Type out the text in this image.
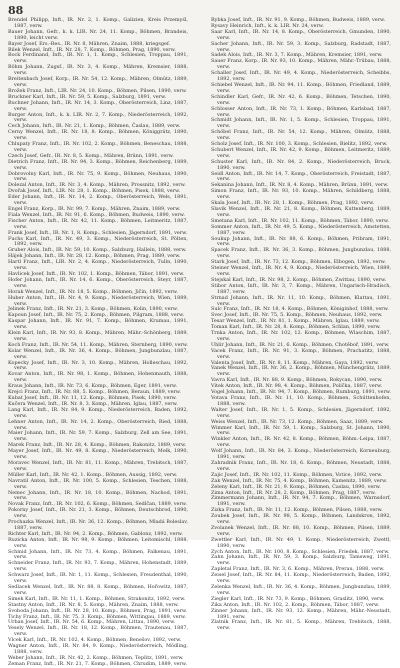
88

Brendel Philipp, Inft., IR. Nr. 2, 1. Komp., Galizien, Kreis Przemyśl, 1887, verw.

Bauer Johann, Gefr., k. k. LIR. Nr. 24, 11. Komp., Böhmen, Brandeis, 1890, leicht verw.

Bayer Josef, Ers.-Res., IR. Nr. 8, Mähren, Znaim, 1888, kriegsgef.

Bilek Wenzel, Inft., IR. Nr. 28, 7. Komp., Böhmen, Prag, 1890, verw.

Bock Ferdinand, Inft., IR. Nr. 1, 1. Komp., Schlesien, Troppau, 1891, verw.

Böhm Johann, Zugsf., IR. Nr. 3, 4. Komp., Mähren, Kremsier, 1888, verw.

Breitenbach Josef, Korp., IR. Nr. 54, 12. Komp., Mähren, Olmütz, 1889, verw.

Brožek Franz, Inft., LIR. Nr. 24, 10. Komp., Böhmen, Pilsen, 1890, verw.

Bruckner Karl, Inft., IR. Nr. 59, 5. Komp., Salzburg, 1891, verw.

Buchner Johann, Inft., IR. Nr. 14, 3. Komp., Oberösterreich, Linz, 1887, verw.

Burger Anton, Inft., k. k. LIR. Nr. 2, 7. Komp., Niederösterreich, 1892, verw.

Cech Johann, Inft., IR. Nr. 21, 1. Komp., Böhmen, Časlau, 1889, verw.

Cerny Wenzel, Inft., IR. Nr. 18, 8. Komp., Böhmen, Königgrätz, 1890, verw.

Chlupaty Franz, Inft., IR. Nr. 102, 2. Komp., Böhmen, Beneschau, 1888, verw.

Czech Josef, Gefr., IR. Nr. 8, 5. Komp., Mähren, Brünn, 1891, verw.

Dietrich Franz, Inft., IR. Nr. 94, 3. Komp., Böhmen, Reichenberg, 1889, verw.

Dobrovolny Karl, Inft., IR. Nr. 75, 9. Komp., Böhmen, Neuhaus, 1890, verw.

Dolezal Anton, Inft., IR. Nr. 3, 4. Komp., Mähren, Prossnitz, 1892, verw.

Dvořak Josef, Inft., LIR. Nr. 28, 1. Komp., Böhmen, Pisek, 1888, verw.

Eder Johann, Inft., IR. Nr. 14, 2. Komp., Oberösterreich, Wels, 1891, verw.

Engel Franz, Korp., IR. Nr. 99, 7. Komp., Mähren, Znaim, 1889, verw.

Fiala Wenzel, Inft., IR. Nr. 91, 6. Komp., Böhmen, Budweis, 1890, verw.

Fischer Anton, Inft., IR. Nr. 42, 11. Komp., Böhmen, Leitmeritz, 1887, verw.

Frank Josef, Inft., IR. Nr. 1, 8. Komp., Schlesien, Jägerndorf, 1891, verw.

Fuchs Karl, Inft., IR. Nr. 49, 3. Komp., Niederösterreich, St. Pölten, 1892, verw.

Gruber Alois, Inft., IR. Nr. 59, 10. Komp., Salzburg, Hallein, 1888, verw.

Hájek Johann, Inft., IR. Nr. 28, 12. Komp., Böhmen, Prag, 1889, verw.

Hartl Franz, Inft., LIR. Nr. 2, 4. Komp., Niederösterreich, Tulln, 1890, verw.

Havlicek Josef, Inft., IR. Nr. 102, 1. Komp., Böhmen, Tábor, 1891, verw.

Hofer Johann, Inft., IR. Nr. 14, 6. Komp., Oberösterreich, Steyr, 1887, verw.

Horak Wenzel, Inft., IR. Nr. 18, 5. Komp., Böhmen, Jičín, 1892, verw.

Huber Anton, Inft., IR. Nr. 4, 9. Komp., Niederösterreich, Wien, 1889, verw.

Jelinek Franz, Inft., IR. Nr. 21, 3. Komp., Böhmen, Kolin, 1890, verw.

Kapoun Josef, Inft., IR. Nr. 75, 2. Komp., Böhmen, Pilgram, 1888, verw.

Kaspar Johann, Inft., IR. Nr. 91, 7. Komp., Böhmen, Krumau, 1891, verw.

Klein Karl, Inft., IR. Nr. 93, 8. Komp., Mähren, Mähr.-Schönberg, 1889, verw.

Koch Franz, Inft., IR. Nr. 54, 11. Komp., Mähren, Sternberg, 1890, verw.

Kolar Wenzel, Inft., IR. Nr. 36, 4. Komp., Böhmen, Jungbunzlau, 1887, verw.

Kopecky Josef, Inft., IR. Nr. 3, 10. Komp., Mähren, Holleschau, 1892, verw.

Kovar Anton, Inft., IR. Nr. 98, 1. Komp., Böhmen, Hohenmauth, 1888, verw.

Kraus Johann, Inft., IR. Nr. 73, 6. Komp., Böhmen, Eger, 1891, verw.

Krejci Franz, Inft., IR. Nr. 88, 5. Komp., Böhmen, Beraun, 1889, verw.

Kubat Josef, Inft., IR. Nr. 11, 12. Komp., Böhmen, Pisek, 1890, verw.

Kučera Wenzel, Inft., IR. Nr. 8, 3. Komp., Mähren, Iglau, 1887, verw.

Lang Karl, Inft., IR. Nr. 84, 9. Komp., Niederösterreich, Baden, 1892, verw.

Lehner Anton, Inft., IR. Nr. 14, 2. Komp., Oberösterreich, Ried, 1888, verw.

Maier Johann, Inft., IR. Nr. 59, 7. Komp., Salzburg, Zell am See, 1891, verw.

Marek Franz, Inft., IR. Nr. 28, 4. Komp., Böhmen, Rakonitz, 1889, verw.

Mayer Josef, Inft., IR. Nr. 49, 8. Komp., Niederösterreich, Melk, 1890, verw.

Moravec Wenzel, Inft., IR. Nr. 81, 11. Komp., Mähren, Trebitsch, 1887, verw.

Müller Karl, Inft., IR. Nr. 42, 1. Komp., Böhmen, Aussig, 1892, verw.

Navratil Anton, Inft., IR. Nr. 100, 5. Komp., Schlesien, Teschen, 1888, verw.

Nemec Johann, Inft., IR. Nr. 18, 10. Komp., Böhmen, Nachod, 1891, verw.

Novak Franz, Inft., IR. Nr. 102, 6. Komp., Böhmen, Sedlčan, 1889, verw.

Pokorny Josef, Inft., IR. Nr. 21, 3. Komp., Böhmen, Deutschbrod, 1890, verw.

Prochazka Wenzel, Inft., IR. Nr. 36, 12. Komp., Böhmen, Mladá Boleslav, 1887, verw.

Richter Karl, Inft., IR. Nr. 94, 2. Komp., Böhmen, Gablonz, 1892, verw.

Ruzicka Anton, Inft., IR. Nr. 98, 9. Komp., Böhmen, Leitomischl, 1888, verw.

Schmid Johann, Inft., IR. Nr. 73, 4. Komp., Böhmen, Falkenau, 1891, verw.

Schneider Franz, Inft., IR. Nr. 93, 7. Komp., Mähren, Hohenstadt, 1889, verw.

Schwarz Josef, Inft., IR. Nr. 1, 11. Komp., Schlesien, Freudenthal, 1890, verw.

Sedlacek Wenzel, Inft., IR. Nr. 88, 8. Komp., Böhmen, Hořowitz, 1887, verw.

Simek Karl, Inft., IR. Nr. 11, 1. Komp., Böhmen, Strakonitz, 1892, verw.

Stastny Anton, Inft., IR. Nr. 8, 5. Komp., Mähren, Znaim, 1888, verw.

Svoboda Johann, Inft., IR. Nr. 28, 10. Komp., Böhmen, Prag, 1891, verw.

Tichy Franz, Inft., IR. Nr. 75, 3. Komp., Böhmen, Wittingau, 1889, verw.

Urban Josef, Inft., IR. Nr. 54, 6. Komp., Mähren, Littau, 1890, verw.

Vesely Wenzel, Inft., IR. Nr. 18, 12. Komp., Böhmen, Trautenau, 1887, verw.

Vlcek Karl, Inft., IR. Nr. 102, 4. Komp., Böhmen, Benešov, 1892, verw.

Wagner Anton, Inft., IR. Nr. 84, 9. Komp., Niederösterreich, Mödling, 1888, verw.

Weber Johann, Inft., IR. Nr. 42, 2. Komp., Böhmen, Teplitz, 1891, verw.

Zeman Franz, Inft., IR. Nr. 21, 7. Komp., Böhmen, Chrudim, 1889, verw.

Rybka Josef, Inft., IR. Nr. 91, 9. Komp., Böhmen, Budweis, 1889, verw.

Rysavy Heinrich, Inft., k. k. LIR. Nr. 24, verw.

Saar Karl, Inft., IR. Nr. 14, 8. Komp., Oberösterreich, Gmunden, 1890, verw.

Sacher Johann, Inft., IR. Nr. 59, 3. Komp., Salzburg, Radstadt, 1887, verw.

Sadek Alois, Inft., IR. Nr. 3, 7. Komp., Mähren, Kremsier, 1891, verw.

Sauer Franz, Korp., IR. Nr. 93, 10. Komp., Mähren, Mähr.-Trübau, 1888, verw.

Schaller Josef, Inft., IR. Nr. 49, 4. Komp., Niederösterreich, Scheibbs, 1892, verw.

Schiebel Wenzel, Inft., IR. Nr. 94, 11. Komp., Böhmen, Friedland, 1889, verw.

Schindler Karl, Gefr., IR. Nr. 42, 6. Komp., Böhmen, Tetschen, 1890, verw.

Schlosser Anton, Inft., IR. Nr. 73, 1. Komp., Böhmen, Karlsbad, 1887, verw.

Schmidt Johann, Inft., IR. Nr. 1, 5. Komp., Schlesien, Troppau, 1891, verw.

Schöbel Franz, Inft., IR. Nr. 54, 12. Komp., Mähren, Olmütz, 1888, verw.

Scholz Josef, Inft., IR. Nr. 100, 3. Komp., Schlesien, Bielitz, 1892, verw.

Schubert Wenzel, Inft., IR. Nr. 42, 9. Komp., Böhmen, Leitmeritz, 1889, verw.

Schuster Karl, Inft., IR. Nr. 84, 2. Komp., Niederösterreich, Bruck, 1890, verw.

Seidl Anton, Inft., IR. Nr. 14, 7. Komp., Oberösterreich, Freistadt, 1887, verw.

Sekanina Johann, Inft., IR. Nr. 8, 4. Komp., Mähren, Brünn, 1891, verw.

Simon Franz, Inft., IR. Nr. 93, 10. Komp., Mähren, Schildberg, 1888, verw.

Skala Josef, Inft., IR. Nr. 28, 1. Komp., Böhmen, Prag, 1892, verw.

Slavik Wenzel, Inft., IR. Nr. 21, 8. Komp., Böhmen, Kuttenberg, 1889, verw.

Smetana Karl, Inft., IR. Nr. 102, 11. Komp., Böhmen, Tábor, 1890, verw.

Sommer Anton, Inft., IR. Nr. 49, 5. Komp., Niederösterreich, Amstetten, 1887, verw.

Soukup Johann, Inft., IR. Nr. 88, 6. Komp., Böhmen, Pribram, 1891, verw.

Spacek Franz, Inft., IR. Nr. 36, 3. Komp., Böhmen, Jungbunzlau, 1888, verw.

Stark Josef, Inft., IR. Nr. 73, 12. Komp., Böhmen, Elbogen, 1892, verw.

Steiner Wenzel, Inft., IR. Nr. 4, 9. Komp., Niederösterreich, Wien, 1889, verw.

Stejskal Karl, Inft., IR. Nr. 98, 2. Komp., Böhmen, Zwittau, 1890, verw.

Stibor Anton, Inft., IR. Nr. 3, 7. Komp., Mähren, Ungarisch-Hradisch, 1887, verw.

Strnad Johann, Inft., IR. Nr. 11, 10. Komp., Böhmen, Klattau, 1891, verw.

Sulc Franz, Inft., IR. Nr. 18, 4. Komp., Böhmen, Königinhof, 1888, verw.

Svec Josef, Inft., IR. Nr. 75, 5. Komp., Böhmen, Neuhaus, 1892, verw.

Tesar Wenzel, Inft., IR. Nr. 81, 1. Komp., Mähren, Iglau, 1889, verw.

Toman Karl, Inft., IR. Nr. 28, 8. Komp., Böhmen, Schlan, 1890, verw.

Trnka Anton, Inft., IR. Nr. 102, 12. Komp., Böhmen, Wlaschim, 1887, verw.

Uhlir Johann, Inft., IR. Nr. 21, 6. Komp., Böhmen, Chotěboř, 1891, verw.

Vacek Franz, Inft., IR. Nr. 91, 3. Komp., Böhmen, Prachatitz, 1888, verw.

Valenta Josef, Inft., IR. Nr. 8, 11. Komp., Mähren, Gaya, 1892, verw.

Vanek Wenzel, Inft., IR. Nr. 36, 2. Komp., Böhmen, Münchengrätz, 1889, verw.

Vavra Karl, Inft., IR. Nr. 88, 9. Komp., Böhmen, Rokycan, 1890, verw.

Vitek Anton, Inft., IR. Nr. 98, 4. Komp., Böhmen, Polička, 1887, verw.

Vogel Johann, Inft., IR. Nr. 94, 7. Komp., Böhmen, Rumburg, 1891, verw.

Votava Franz, Inft., IR. Nr. 11, 10. Komp., Böhmen, Schüttenhofen, 1888, verw.

Walter Josef, Inft., IR. Nr. 1, 5. Komp., Schlesien, Jägerndorf, 1892, verw.

Weiss Wenzel, Inft., IR. Nr. 73, 12. Komp., Böhmen, Saaz, 1889, verw.

Wimmer Karl, Inft., IR. Nr. 59, 1. Komp., Salzburg, St. Johann, 1890, verw.

Winkler Anton, Inft., IR. Nr. 42, 8. Komp., Böhmen, Böhm.-Leipa, 1887, verw.

Wolf Johann, Inft., IR. Nr. 84, 3. Komp., Niederösterreich, Korneuburg, 1891, verw.

Zahradnik Franz, Inft., IR. Nr. 18, 6. Komp., Böhmen, Neustadt, 1888, verw.

Zajic Josef, Inft., IR. Nr. 102, 11. Komp., Böhmen, Votice, 1892, verw.

Zak Wenzel, Inft., IR. Nr. 75, 4. Komp., Böhmen, Kamenitz, 1889, verw.

Zeleny Karl, Inft., IR. Nr. 21, 9. Komp., Böhmen, Caslau, 1890, verw.

Zima Anton, Inft., IR. Nr. 28, 2. Komp., Böhmen, Prag, 1887, verw.

Zimmermann Johann, Inft., IR. Nr. 94, 7. Komp., Böhmen, Warnsdorf, 1891, verw.

Zizka Franz, Inft., IR. Nr. 11, 12. Komp., Böhmen, Pilsen, 1888, verw.

Zoubek Josef, Inft., IR. Nr. 98, 5. Komp., Böhmen, Landskron, 1892, verw.

Zvolanek Wenzel, Inft., IR. Nr. 88, 10. Komp., Böhmen, Pilsen, 1889, verw.

Zwettler Karl, Inft., IR. Nr. 49, 1. Komp., Niederösterreich, Zwettl, 1890, verw.

Zych Anton, Inft., IR. Nr. 100, 8. Komp., Schlesien, Friedek, 1887, verw.

Zahn Johann, Inft., IR. Nr. 59, 3. Komp., Salzburg, Tamsweg, 1891, verw.

Zapletal Franz, Inft., IR. Nr. 3, 6. Komp., Mähren, Prerau, 1888, verw.

Zeisel Josef, Inft., IR. Nr. 84, 11. Komp., Niederösterreich, Baden, 1892, verw.

Zelenka Wenzel, Inft., IR. Nr. 36, 4. Komp., Böhmen, Jungbunzlau, 1889, verw.

Ziegler Karl, Inft., IR. Nr. 73, 9. Komp., Böhmen, Graslitz, 1890, verw.

Zika Anton, Inft., IR. Nr. 102, 2. Komp., Böhmen, Tábor, 1887, verw.

Zinner Johann, Inft., IR. Nr. 93, 12. Komp., Mähren, Mähr.-Neustadt, 1891, verw.

Zlatnik Franz, Inft., IR. Nr. 81, 5. Komp., Mähren, Trebitsch, 1888, verw.
